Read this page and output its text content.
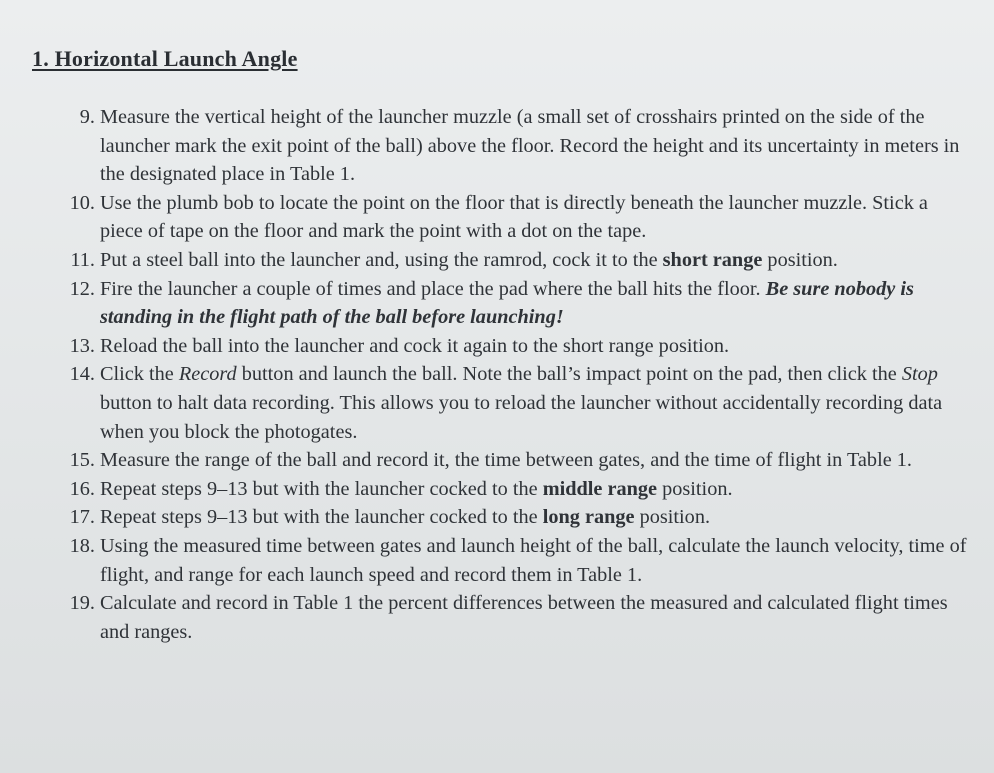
1. Horizontal Launch Angle
9. Measure the vertical height of the launcher muzzle (a small set of crosshairs printed on the side of the launcher mark the exit point of the ball) above the floor. Record the height and its uncertainty in meters in the designated place in Table 1.
10. Use the plumb bob to locate the point on the floor that is directly beneath the launcher muzzle. Stick a piece of tape on the floor and mark the point with a dot on the tape.
11. Put a steel ball into the launcher and, using the ramrod, cock it to the short range position.
12. Fire the launcher a couple of times and place the pad where the ball hits the floor. Be sure nobody is standing in the flight path of the ball before launching!
13. Reload the ball into the launcher and cock it again to the short range position.
14. Click the Record button and launch the ball. Note the ball’s impact point on the pad, then click the Stop button to halt data recording. This allows you to reload the launcher without accidentally recording data when you block the photogates.
15. Measure the range of the ball and record it, the time between gates, and the time of flight in Table 1.
16. Repeat steps 9–13 but with the launcher cocked to the middle range position.
17. Repeat steps 9–13 but with the launcher cocked to the long range position.
18. Using the measured time between gates and launch height of the ball, calculate the launch velocity, time of flight, and range for each launch speed and record them in Table 1.
19. Calculate and record in Table 1 the percent differences between the measured and calculated flight times and ranges.
